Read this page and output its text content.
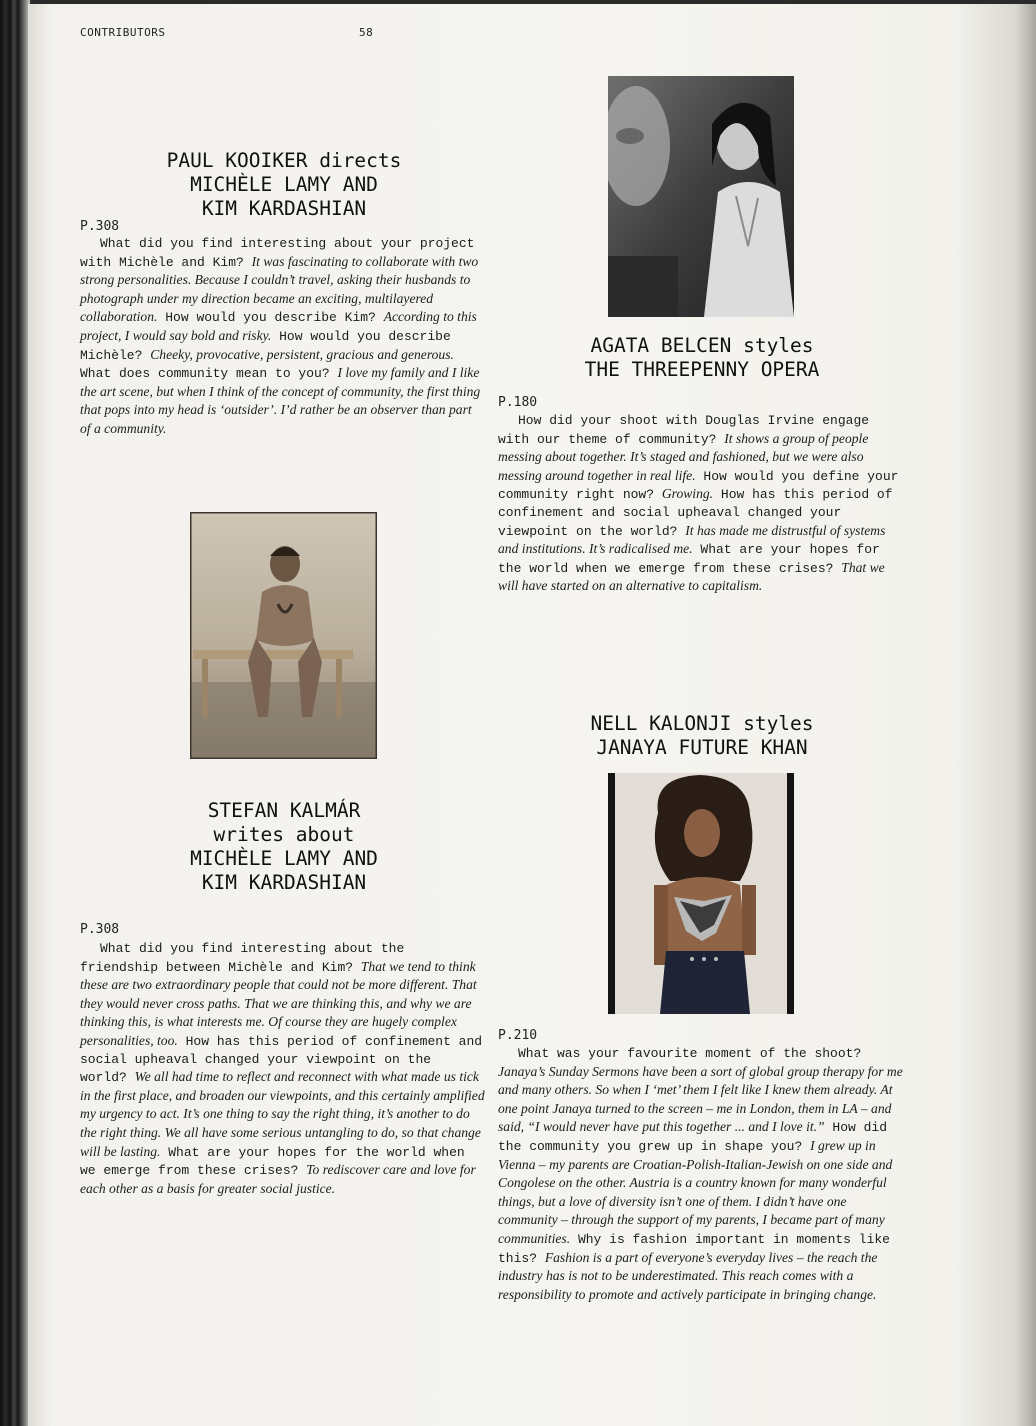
CONTRIBUTORS	58
PAUL KOOIKER directs
MICHÈLE LAMY AND
KIM KARDASHIAN
P.308

What did you find interesting about your project with Michèle and Kim? It was fascinating to collaborate with two strong personalities. Because I couldn’t travel, asking their husbands to photograph under my direction became an exciting, multilayered collaboration. How would you describe Kim? According to this project, I would say bold and risky. How would you describe Michèle? Cheeky, provocative, persistent, gracious and generous. What does community mean to you? I love my family and I like the art scene, but when I think of the concept of community, the first thing that pops into my head is ‘outsider’. I’d rather be an observer than part of a community.

STEFAN KALMÁR
writes about
MICHÈLE LAMY AND
KIM KARDASHIAN
P.308

What did you find interesting about the friendship between Michèle and Kim? That we tend to think these are two extraordinary people that could not be more different. That they would never cross paths. That we are thinking this, and why we are thinking this, is what interests me. Of course they are hugely complex personalities, too. How has this period of confinement and social upheaval changed your viewpoint on the world? We all had time to reflect and reconnect with what made us tick in the first place, and broaden our viewpoints, and this certainly amplified my urgency to act. It’s one thing to say the right thing, it’s another to do the right thing. We all have some serious untangling to do, so that change will be lasting. What are your hopes for the world when we emerge from these crises? To rediscover care and love for each other as a basis for greater social justice.

AGATA BELCEN styles
THE THREEPENNY OPERA
P.180

How did your shoot with Douglas Irvine engage with our theme of community? It shows a group of people messing about together. It’s staged and fashioned, but we were also messing around together in real life. How would you define your community right now? Growing. How has this period of confinement and social upheaval changed your viewpoint on the world? It has made me distrustful of systems and institutions. It’s radicalised me. What are your hopes for the world when we emerge from these crises? That we will have started on an alternative to capitalism.

NELL KALONJI styles
JANAYA FUTURE KHAN
P.210

What was your favourite moment of the shoot? Janaya’s Sunday Sermons have been a sort of global group therapy for me and many others. So when I ‘met’ them I felt like I knew them already. At one point Janaya turned to the screen – me in London, them in LA – and said, “I would never have put this together ... and I love it.” How did the community you grew up in shape you? I grew up in Vienna – my parents are Croatian-Polish-Italian-Jewish on one side and Congolese on the other. Austria is a country known for many wonderful things, but a love of diversity isn’t one of them. I didn’t have one community – through the support of my parents, I became part of many communities. Why is fashion important in moments like this? Fashion is a part of everyone’s everyday lives – the reach the industry has is not to be underestimated. This reach comes with a responsibility to promote and actively participate in bringing change.
